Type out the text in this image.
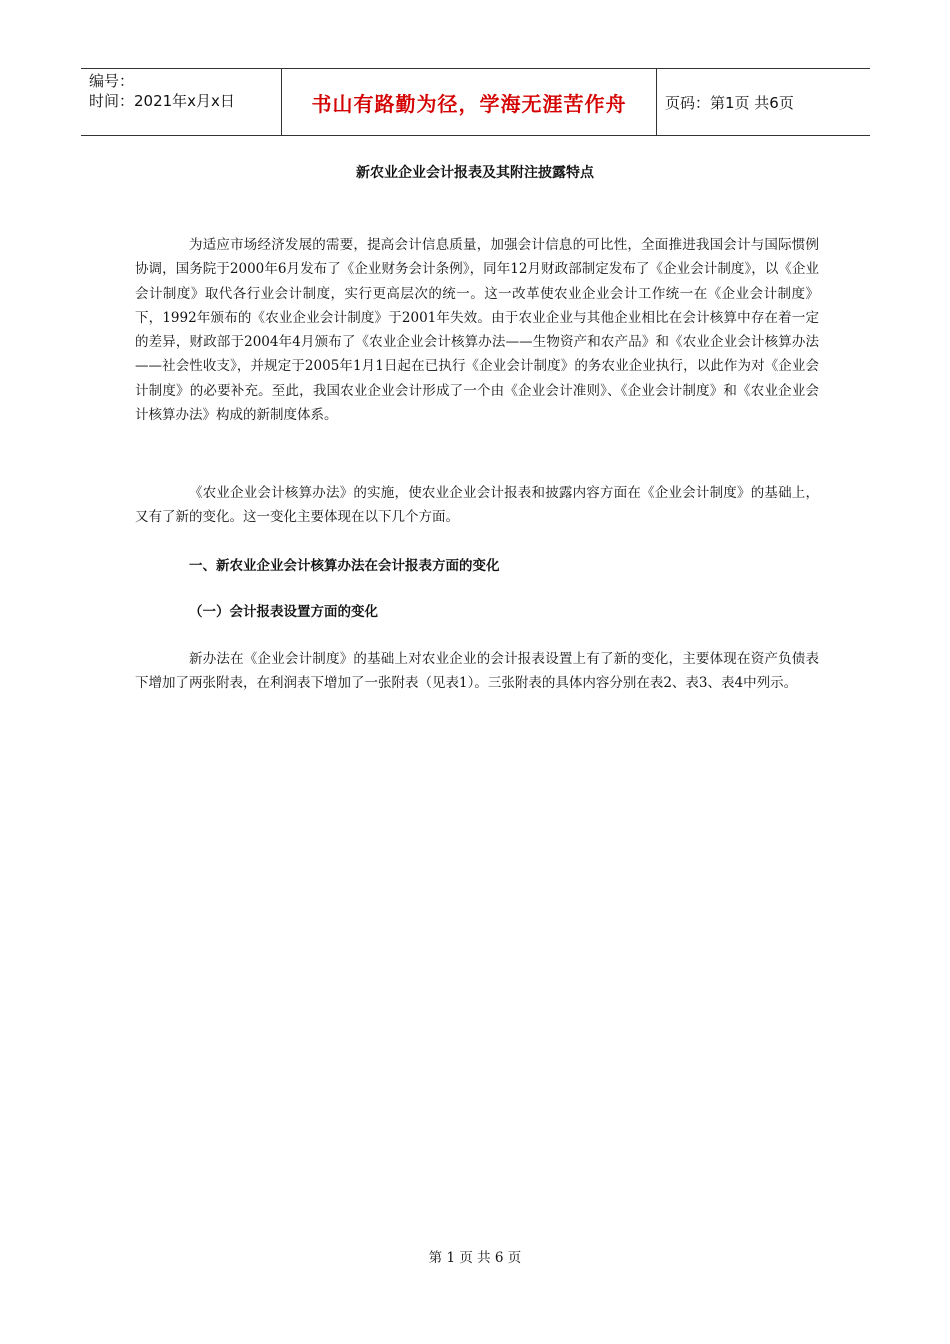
编号：
时间：2021年x月x日	书山有路勤为径，学海无涯苦作舟	页码：第1页 共6页
新农业企业会计报表及其附注披露特点

为适应市场经济发展的需要，提高会计信息质量，加强会计信息的可比性，全面推进我国会计与国际惯例协调，国务院于2000年6月发布了《企业财务会计条例》，同年12月财政部制定发布了《企业会计制度》，以《企业会计制度》取代各行业会计制度，实行更高层次的统一。这一改革使农业企业会计工作统一在《企业会计制度》下，1992年颁布的《农业企业会计制度》于2001年失效。由于农业企业与其他企业相比在会计核算中存在着一定的差异，财政部于2004年4月颁布了《农业企业会计核算办法——生物资产和农产品》和《农业企业会计核算办法——社会性收支》，并规定于2005年1月1日起在已执行《企业会计制度》的务农业企业执行，以此作为对《企业会计制度》的必要补充。至此，我国农业企业会计形成了一个由《企业会计准则》、《企业会计制度》和《农业企业会计核算办法》构成的新制度体系。

《农业企业会计核算办法》的实施，使农业企业会计报表和披露内容方面在《企业会计制度》的基础上，又有了新的变化。这一变化主要体现在以下几个方面。

一、新农业企业会计核算办法在会计报表方面的变化
（一）会计报表设置方面的变化

新办法在《企业会计制度》的基础上对农业企业的会计报表设置上有了新的变化，主要体现在资产负债表下增加了两张附表，在利润表下增加了一张附表（见表1）。三张附表的具体内容分别在表2、表3、表4中列示。

第 1 页 共 6 页
